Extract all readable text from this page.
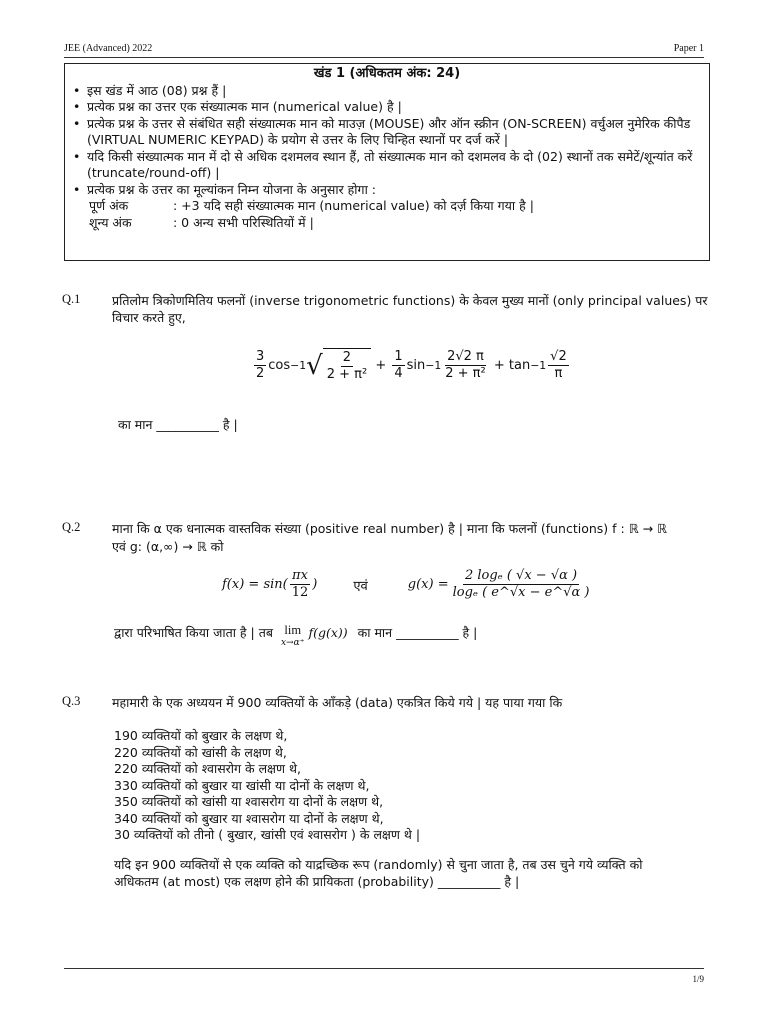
JEE (Advanced) 2022	Paper 1
खंड 1 (अधिकतम अंक: 24)
• इस खंड में आठ (08) प्रश्न हैं |
• प्रत्येक प्रश्न का उत्तर एक संख्यात्मक मान (numerical value) है |
• प्रत्येक प्रश्न के उत्तर से संबंधित सही संख्यात्मक मान को माउज़ (MOUSE) और ऑन स्क्रीन (ON-SCREEN) वर्चुअल नुमेरिक कीपैड (VIRTUAL NUMERIC KEYPAD) के प्रयोग से उत्तर के लिए चिन्हित स्थानों पर दर्ज करें |
• यदि किसी संख्यात्मक मान में दो से अधिक दशमलव स्थान हैं, तो संख्यात्मक मान को दशमलव के दो (02) स्थानों तक समेटें/शून्यांत करें (truncate/round-off) |
• प्रत्येक प्रश्न के उत्तर का मूल्यांकन निम्न योजना के अनुसार होगा :
पूर्ण अंक	: +3 यदि सही संख्यात्मक मान (numerical value) को दर्ज़ किया गया है |
शून्य अंक	: 0 अन्य सभी परिस्थितियों में |
Q.1	प्रतिलोम त्रिकोणमितिय फलनों (inverse trigonometric functions) के केवल मुख्य मानों (only principal values) पर विचार करते हुए,
$\frac{3}{2}$ cos −1 √ $\frac{2}{\text{2 + π²}}$
+
$\frac{1}{4}$ $\sin -1 \frac{2√2 \pi}{\text{2 + π²}}$
+
$\tan -1 \frac{√2}{\pi}$
का मान __________ है |
Q.2	माना कि α एक धनात्मक वास्तविक संख्या (positive real number) है | माना कि फलनों (functions) f : ℝ → ℝ
एवं g: (α,∞) → ℝ को
$f(x) = \sin( \frac{\pi x}{12}$ )	एवं	$g(x) = \frac{\text{2 logₑ ( √x − √α )}}{\text{logₑ ( e\textasciicircum{}√x − e\textasciicircum{}√α )}}$
द्वारा परिभाषित किया जाता है | तब lim
x→α⁺
f(g(x)) का मान __________ है |
Q.3	महामारी के एक अध्ययन में 900 व्यक्तियों के आँकड़े (data) एकत्रित किये गये | यह पाया गया कि

190 व्यक्तियों को बुखार के लक्षण थे,

220 व्यक्तियों को खांसी के लक्षण थे,

220 व्यक्तियों को श्वासरोग के लक्षण थे,

330 व्यक्तियों को बुखार या खांसी या दोनों के लक्षण थे,

350 व्यक्तियों को खांसी या श्वासरोग या दोनों के लक्षण थे,

340 व्यक्तियों को बुखार या श्वासरोग या दोनों के लक्षण थे,

30 व्यक्तियों को तीनो ( बुखार, खांसी एवं श्वासरोग ) के लक्षण थे |

यदि इन 900 व्यक्तियों से एक व्यक्ति को याद्रच्छिक रूप (randomly) से चुना जाता है, तब उस चुने गये व्यक्ति को
अधिकतम (at most) एक लक्षण होने की प्रायिकता (probability) __________ है |
1/9
